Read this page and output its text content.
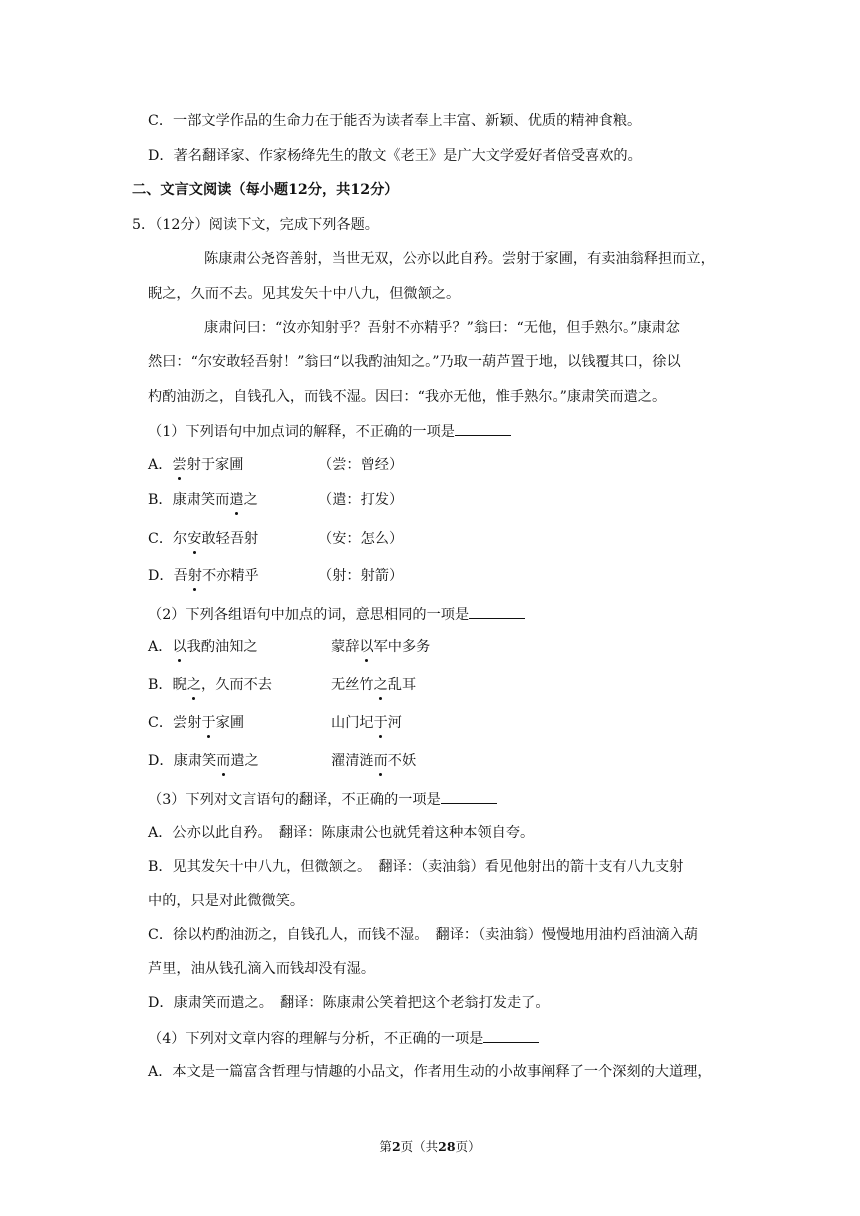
C．一部文学作品的生命力在于能否为读者奉上丰富、新颖、优质的精神食粮。
D．著名翻译家、作家杨绛先生的散文《老王》是广大文学爱好者倍受喜欢的。
二、文言文阅读（每小题12分，共12分）
5．（12分）阅读下文，完成下列各题。
陈康肃公尧咨善射，当世无双，公亦以此自矜。尝射于家圃，有卖油翁释担而立，
睨之，久而不去。见其发矢十中八九，但微颔之。
康肃问曰：“汝亦知射乎？吾射不亦精乎？”翁曰：“无他，但手熟尔。”康肃忿
然曰：“尔安敢轻吾射！”翁曰“以我酌油知之。”乃取一葫芦置于地，以钱覆其口，徐以
杓酌油沥之，自钱孔入，而钱不湿。因曰：“我亦无他，惟手熟尔。”康肃笑而遣之。
（1）下列语句中加点词的解释，不正确的一项是
A．尝射于家圃	（尝：曾经）
B．康肃笑而遣之	（遣：打发）
C．尔安敢轻吾射	（安：怎么）
D．吾射不亦精乎	（射：射箭）
（2）下列各组语句中加点的词，意思相同的一项是
A．以我酌油知之	蒙辞以军中多务
B．睨之，久而不去	无丝竹之乱耳
C．尝射于家圃	山门圮于河
D．康肃笑而遣之	濯清涟而不妖
（3）下列对文言语句的翻译，不正确的一项是
A．公亦以此自矜。　翻译：陈康肃公也就凭着这种本领自夸。
B．见其发矢十中八九，但微颔之。　翻译：（卖油翁）看见他射出的箭十支有八九支射
中的，只是对此微微笑。
C．徐以杓酌油沥之，自钱孔人，而钱不湿。　翻译：（卖油翁）慢慢地用油杓舀油滴入葫
芦里，油从钱孔滴入而钱却没有湿。
D．康肃笑而遣之。　翻译：陈康肃公笑着把这个老翁打发走了。
（4）下列对文章内容的理解与分析，不正确的一项是
A．本文是一篇富含哲理与情趣的小品文，作者用生动的小故事阐释了一个深刻的大道理，
第2页（共28页）
